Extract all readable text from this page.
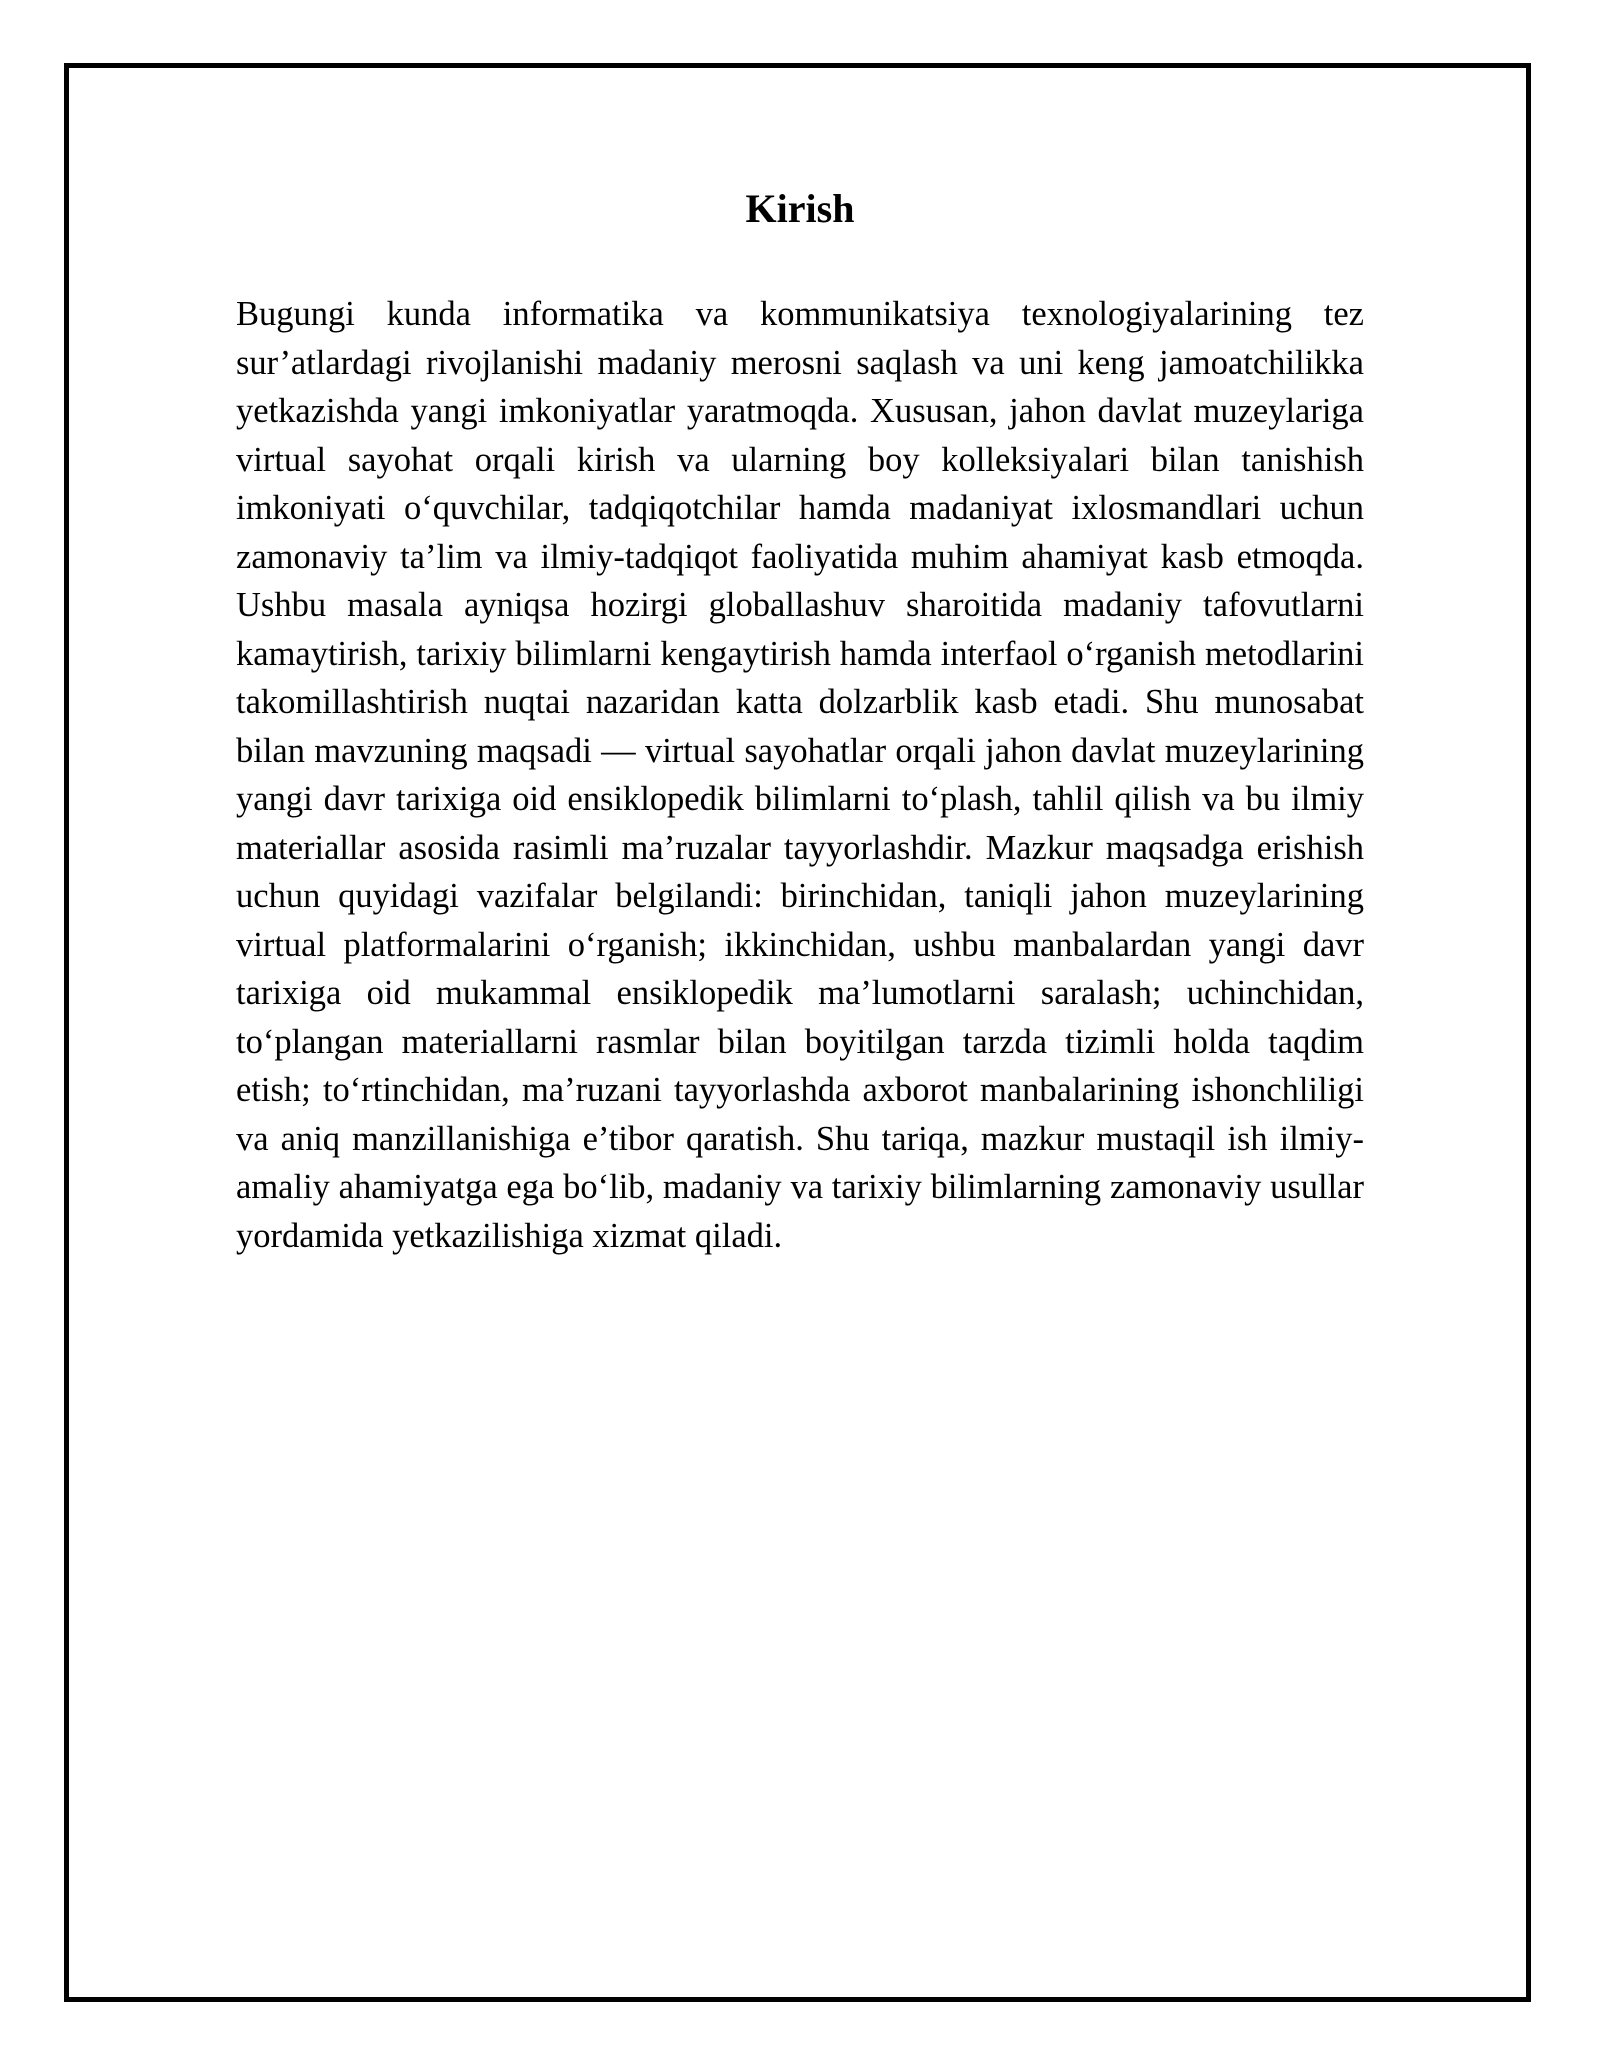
Kirish

Bugungi kunda informatika va kommunikatsiya texnologiyalarining tez sur’atlardagi rivojlanishi madaniy merosni saqlash va uni keng jamoatchilikka yetkazishda yangi imkoniyatlar yaratmoqda. Xususan, jahon davlat muzeylariga virtual sayohat orqali kirish va ularning boy kolleksiyalari bilan tanishish imkoniyati o‘quvchilar, tadqiqotchilar hamda madaniyat ixlosmandlari uchun zamonaviy ta’lim va ilmiy-tadqiqot faoliyatida muhim ahamiyat kasb etmoqda. Ushbu masala ayniqsa hozirgi globallashuv sharoitida madaniy tafovutlarni kamaytirish, tarixiy bilimlarni kengaytirish hamda interfaol o‘rganish metodlarini takomillashtirish nuqtai nazaridan katta dolzarblik kasb etadi. Shu munosabat bilan mavzuning maqsadi — virtual sayohatlar orqali jahon davlat muzeylarining yangi davr tarixiga oid ensiklopedik bilimlarni to‘plash, tahlil qilish va bu ilmiy materiallar asosida rasimli ma’ruzalar tayyorlashdir. Mazkur maqsadga erishish uchun quyidagi vazifalar belgilandi: birinchidan, taniqli jahon muzeylarining virtual platformalarini o‘rganish; ikkinchidan, ushbu manbalardan yangi davr tarixiga oid mukammal ensiklopedik ma’lumotlarni saralash; uchinchidan, to‘plangan materiallarni rasmlar bilan boyitilgan tarzda tizimli holda taqdim etish; to‘rtinchidan, ma’ruzani tayyorlashda axborot manbalarining ishonchliligi va aniq manzillanishiga e’tibor qaratish. Shu tariqa, mazkur mustaqil ish ilmiy-amaliy ahamiyatga ega bo‘lib, madaniy va tarixiy bilimlarning zamonaviy usullar yordamida yetkazilishiga xizmat qiladi.
